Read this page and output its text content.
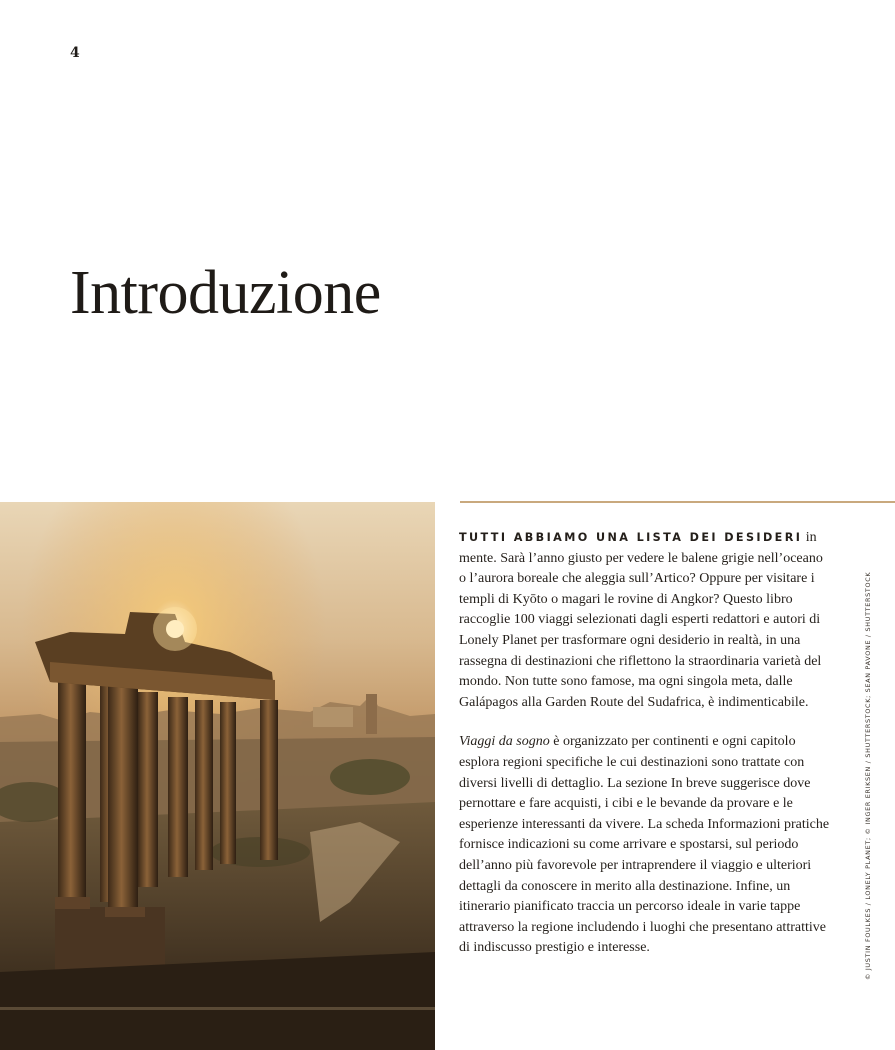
4
Introduzione

TUTTI ABBIAMO UNA LISTA DEI DESIDERI in mente. Sarà l’anno giusto per vedere le balene grigie nell’oceano o l’aurora boreale che aleggia sull’Artico? Oppure per visitare i templi di Kyōto o magari le rovine di Angkor? Questo libro raccoglie 100 viaggi selezionati dagli esperti redattori e autori di Lonely Planet per trasformare ogni desiderio in realtà, in una rassegna di destinazioni che riflettono la straordinaria varietà del mondo. Non tutte sono famose, ma ogni singola meta, dalle Galápagos alla Garden Route del Sudafrica, è indimenticabile.

Viaggi da sogno è organizzato per continenti e ogni capitolo esplora regioni specifiche le cui destinazioni sono trattate con diversi livelli di dettaglio. La sezione In breve suggerisce dove pernottare e fare acquisti, i cibi e le bevande da provare e le esperienze interessanti da vivere. La scheda Informazioni pratiche fornisce indicazioni su come arrivare e spostarsi, sul periodo dell’anno più favorevole per intraprendere il viaggio e ulteriori dettagli da conoscere in merito alla destinazione. Infine, un itinerario pianificato traccia un percorso ideale in varie tappe attraverso la regione includendo i luoghi che presentano attrattive di indiscusso prestigio e interesse.	© JUSTIN FOULKES / LONELY PLANET; © INGER ERIKSEN / SHUTTERSTOCK; SEAN PAVONE / SHUTTERSTOCK
